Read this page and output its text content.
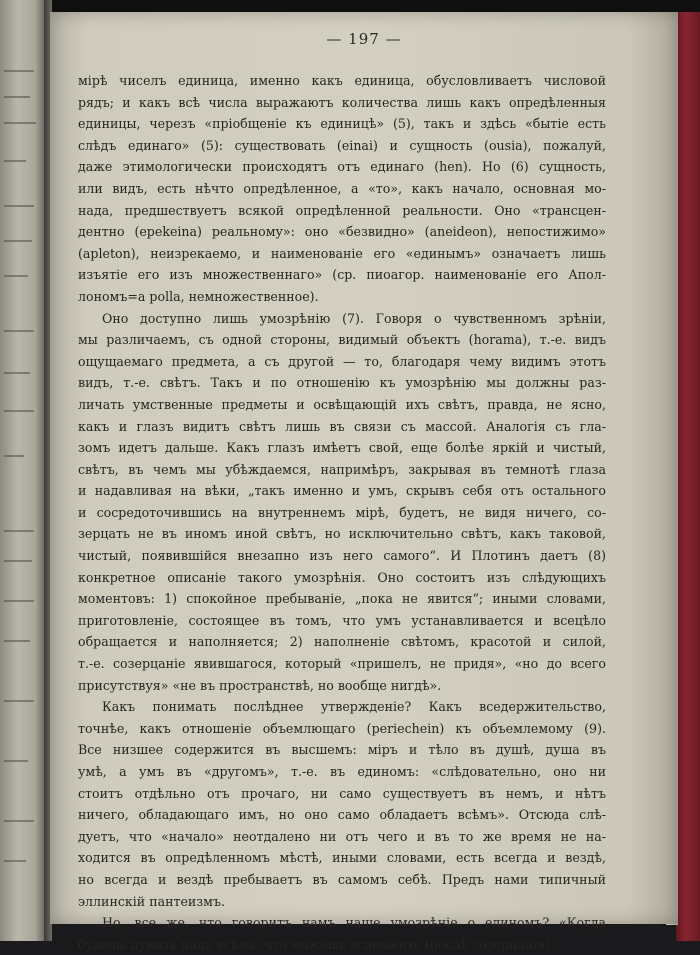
— 197 —
мірѣ чиселъ единица, именно какъ единица, обусловливаетъ числовой
рядъ; и какъ всѣ числа выражаютъ количества лишь какъ опредѣленныя
единицы, черезъ «пріобщеніе къ единицѣ» (5), такъ и здѣсь «бытіе есть
слѣдъ единаго» (5): существовать (einai) и сущность (ousia), пожалуй,
даже этимологически происходятъ отъ единаго (hen). Но (6) сущность,
или видъ, есть нѣчто опредѣленное, а «то», какъ начало, основная мо-
нада, предшествуетъ всякой опредѣленной реальности. Оно «трансцен-
дентно (epekeina) реальному»: оно «безвидно» (aneideon), непостижимо»
(apleton), неизрекаемо, и наименованіе его «единымъ» означаетъ лишь
изъятіе его изъ множественнаго» (ср. пиоагор. наименованіе его Апол-
лономъ=a polla, немножественное).
Оно доступно лишь умозрѣнію (7). Говоря о чувственномъ зрѣніи,
мы различаемъ, съ одной стороны, видимый объектъ (horama), т.-е. видъ
ощущаемаго предмета, а съ другой — то, благодаря чему видимъ этотъ
видъ, т.-е. свѣтъ. Такъ и по отношенію къ умозрѣнію мы должны раз-
личать умственные предметы и освѣщающій ихъ свѣтъ, правда, не ясно,
какъ и глазъ видитъ свѣтъ лишь въ связи съ массой. Аналогія съ гла-
зомъ идетъ дальше. Какъ глазъ имѣетъ свой, еще болѣе яркій и чистый,
свѣтъ, въ чемъ мы убѣждаемся, напримѣръ, закрывая въ темнотѣ глаза
и надавливая на вѣки, „такъ именно и умъ, скрывъ себя отъ остального
и сосредоточившись на внутреннемъ мірѣ, будетъ, не видя ничего, со-
зерцать не въ иномъ иной свѣтъ, но исключительно свѣтъ, какъ таковой,
чистый, появившійся внезапно изъ него самого“. И Плотинъ даетъ (8)
конкретное описаніе такого умозрѣнія. Оно состоитъ изъ слѣдующихъ
моментовъ: 1) спокойное пребываніе, „пока не явится“; иными словами,
приготовленіе, состоящее въ томъ, что умъ устанавливается и всецѣло
обращается и наполняется; 2) наполненіе свѣтомъ, красотой и силой,
т.-е. созерцаніе явившагося, который «пришелъ, не придя», «но до всего
присутствуя» «не въ пространствѣ, но вообще нигдѣ».
Какъ понимать послѣднее утвержденіе? Какъ вседержительство,
точнѣе, какъ отношеніе объемлющаго (periechein) къ объемлемому (9).
Все низшее содержится въ высшемъ: міръ и тѣло въ душѣ, душа въ
умѣ, а умъ въ «другомъ», т.-е. въ единомъ: «слѣдовательно, оно ни
стоитъ отдѣльно отъ прочаго, ни само существуетъ въ немъ, и нѣтъ
ничего, обладающаго имъ, но оно само обладаетъ всѣмъ». Отсюда слѣ-
дуетъ, что «начало» неотдалено ни отъ чего и въ то же время не на-
ходится въ опредѣленномъ мѣстѣ, иными словами, есть всегда и вездѣ,
но всегда и вездѣ пребываетъ въ самомъ себѣ. Предъ нами типичный
эллинскій пантеизмъ.
Но, все же, что говоритъ намъ наше умозрѣніе о единомъ? «Когда
будешь думать надъ всѣмъ, что можешь вспомнить (послѣ созерцанія)
